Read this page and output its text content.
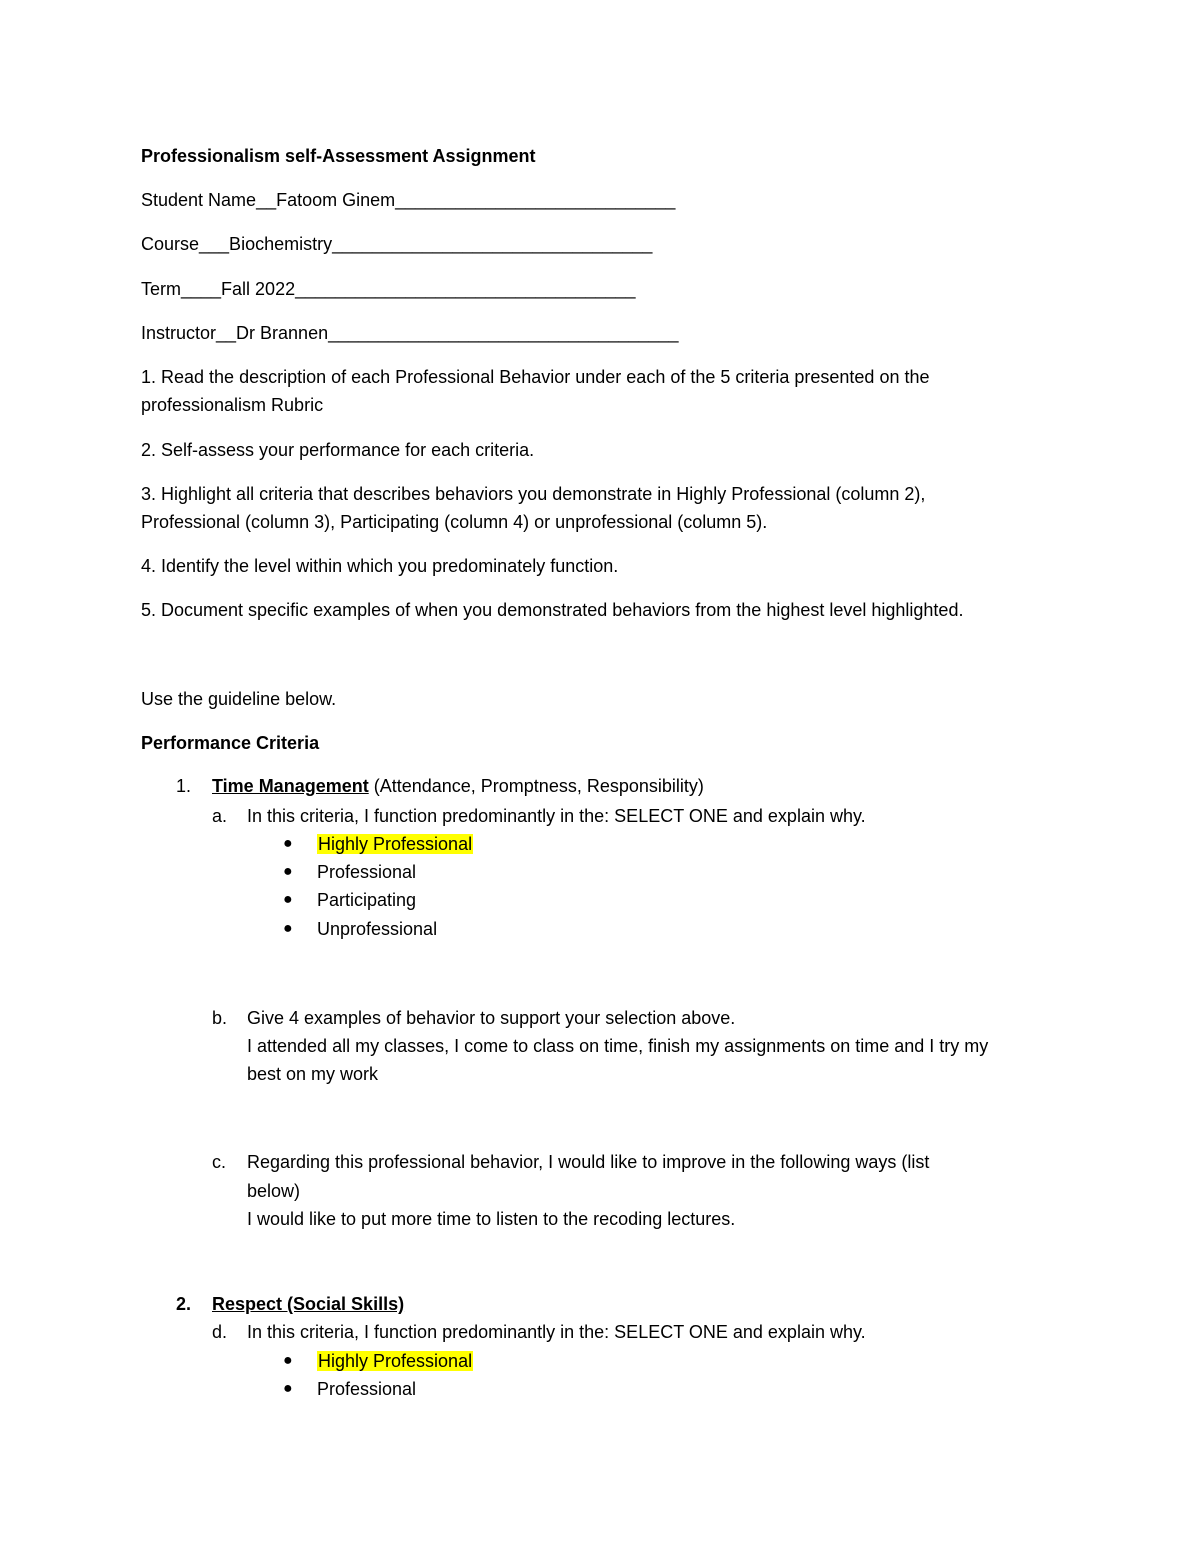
Professionalism self-Assessment Assignment
Student Name__Fatoom Ginem____________________________
Course___Biochemistry________________________________
Term____Fall 2022__________________________________
Instructor__Dr Brannen___________________________________
1. Read the description of each Professional Behavior under each of the 5 criteria presented on the
professionalism Rubric
2. Self-assess your performance for each criteria.
3. Highlight all criteria that describes behaviors you demonstrate in Highly Professional (column 2),
Professional (column 3), Participating (column 4) or unprofessional (column 5).
4. Identify the level within which you predominately function.
5. Document specific examples of when you demonstrated behaviors from the highest level highlighted.
Use the guideline below.
Performance Criteria
1. Time Management (Attendance, Promptness, Responsibility)
a. In this criteria, I function predominantly in the: SELECT ONE and explain why.
● Highly Professional
● Professional
● Participating
● Unprofessional
b. Give 4 examples of behavior to support your selection above.
I attended all my classes, I come to class on time, finish my assignments on time and I try my
best on my work
c. Regarding this professional behavior, I would like to improve in the following ways (list
below)
I would like to put more time to listen to the recoding lectures.
2. Respect (Social Skills)
d. In this criteria, I function predominantly in the: SELECT ONE and explain why.
● Highly Professional
● Professional
